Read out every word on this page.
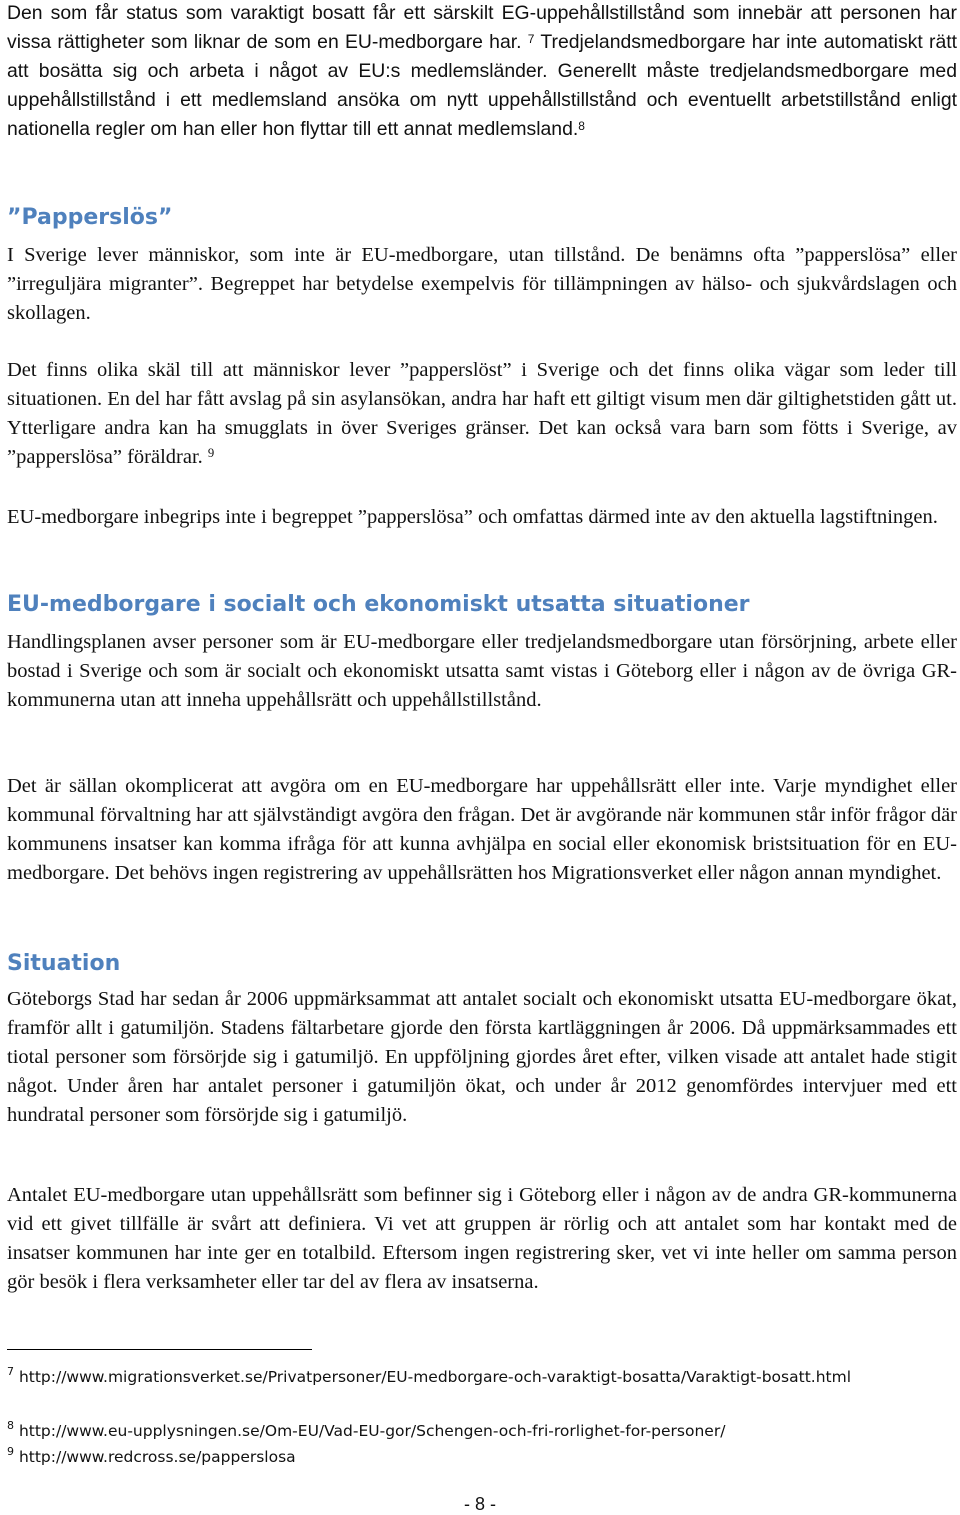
Den som får status som varaktigt bosatt får ett särskilt EG-uppehållstillstånd som innebär att personen har vissa rättigheter som liknar de som en EU-medborgare har. $^7$ Tredjelandsmedborgare har inte automatiskt rätt att bosätta sig och arbeta i något av EU:s medlemsländer. Generellt måste tredjelandsmedborgare med uppehållstillstånd i ett medlemsland ansöka om nytt uppehållstillstånd och eventuellt arbetstillstånd enligt nationella regler om han eller hon flyttar till ett annat medlemsland.$^8$

”Papperslös”

I Sverige lever människor, som inte är EU-medborgare, utan tillstånd. De benämns ofta ”papperslösa” eller ”irreguljära migranter”. Begreppet har betydelse exempelvis för tillämpningen av hälso- och sjukvårdslagen och skollagen.

Det finns olika skäl till att människor lever ”papperslöst” i Sverige och det finns olika vägar som leder till situationen. En del har fått avslag på sin asylansökan, andra har haft ett giltigt visum men där giltighetstiden gått ut. Ytterligare andra kan ha smugglats in över Sveriges gränser. Det kan också vara barn som fötts i Sverige, av ”papperslösa” föräldrar. $^9$

EU-medborgare inbegrips inte i begreppet ”papperslösa” och omfattas därmed inte av den aktuella lagstiftningen.

EU-medborgare i socialt och ekonomiskt utsatta situationer

Handlingsplanen avser personer som är EU-medborgare eller tredjelandsmedborgare utan försörjning, arbete eller bostad i Sverige och som är socialt och ekonomiskt utsatta samt vistas i Göteborg eller i någon av de övriga GR-kommunerna utan att inneha uppehållsrätt och uppehållstillstånd.

Det är sällan okomplicerat att avgöra om en EU-medborgare har uppehållsrätt eller inte. Varje myndighet eller kommunal förvaltning har att självständigt avgöra den frågan. Det är avgörande när kommunen står inför frågor där kommunens insatser kan komma ifråga för att kunna avhjälpa en social eller ekonomisk bristsituation för en EU-medborgare. Det behövs ingen registrering av uppehållsrätten hos Migrationsverket eller någon annan myndighet.

Situation

Göteborgs Stad har sedan år 2006 uppmärksammat att antalet socialt och ekonomiskt utsatta EU-medborgare ökat, framför allt i gatumiljön. Stadens fältarbetare gjorde den första kartläggningen år 2006. Då uppmärksammades ett tiotal personer som försörjde sig i gatumiljö. En uppföljning gjordes året efter, vilken visade att antalet hade stigit något. Under åren har antalet personer i gatumiljön ökat, och under år 2012 genomfördes intervjuer med ett hundratal personer som försörjde sig i gatumiljö.

Antalet EU-medborgare utan uppehållsrätt som befinner sig i Göteborg eller i någon av de andra GR-kommunerna vid ett givet tillfälle är svårt att definiera. Vi vet att gruppen är rörlig och att antalet som har kontakt med de insatser kommunen har inte ger en totalbild. Eftersom ingen registrering sker, vet vi inte heller om samma person gör besök i flera verksamheter eller tar del av flera av insatserna.

$^7$ http://www.migrationsverket.se/Privatpersoner/EU-medborgare-och-varaktigt-bosatta/Varaktigt-bosatt.html

$^8$ http://www.eu-upplysningen.se/Om-EU/Vad-EU-gor/Schengen-och-fri-rorlighet-for-personer/

$^9$ http://www.redcross.se/papperslosa

- 8 -
